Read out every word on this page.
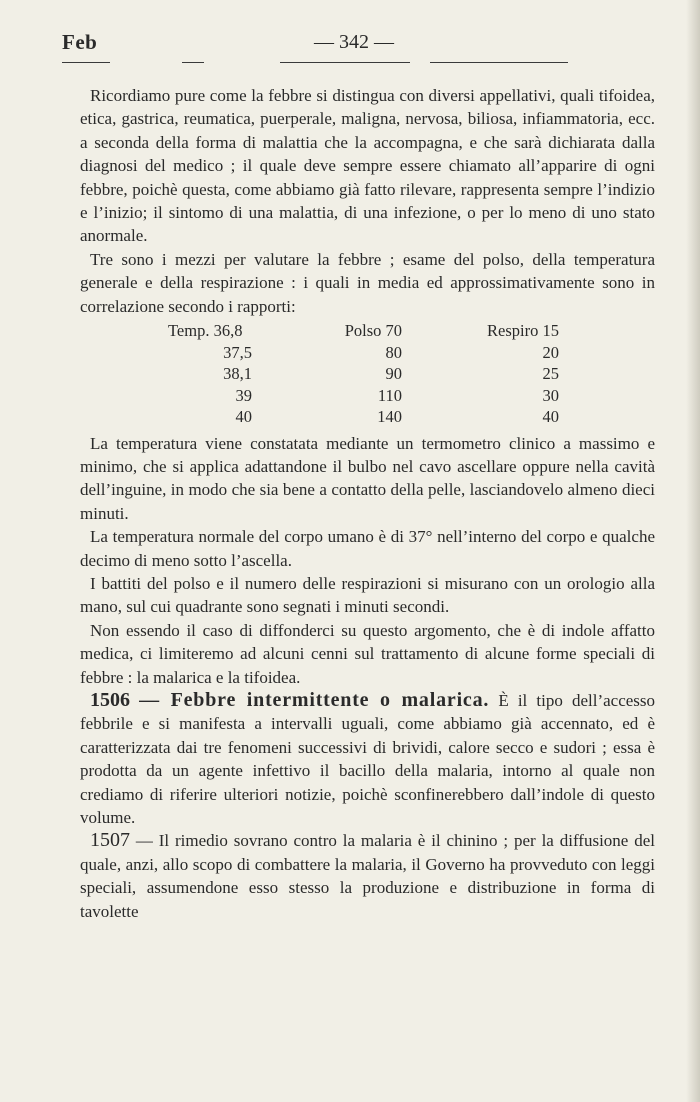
Feb	— 342 —

Ricordiamo pure come la febbre si distingua con diversi appellativi, quali tifoidea, etica, gastrica, reumatica, puerperale, maligna, nervosa, biliosa, infiammatoria, ecc. a seconda della forma di malattia che la accompagna, e che sarà dichiarata dalla diagnosi del medico ; il quale deve sempre essere chiamato all’apparire di ogni febbre, poichè questa, come abbiamo già fatto rilevare, rappresenta sempre l’indizio e l’inizio; il sintomo di una malattia, di una infezione, o per lo meno di uno stato anormale.

Tre sono i mezzi per valutare la febbre ; esame del polso, della temperatura generale e della respirazione : i quali in media ed approssimativamente sono in correlazione secondo i rapporti:

Temp. 36,8	Polso 70	Respiro 15
37,5	80	20
38,1	90	25
39	110	30
40	140	40

La temperatura viene constatata mediante un termometro clinico a massimo e minimo, che si applica adattandone il bulbo nel cavo ascellare oppure nella cavità dell’inguine, in modo che sia bene a contatto della pelle, lasciandovelo almeno dieci minuti.

La temperatura normale del corpo umano è di 37° nell’interno del corpo e qualche decimo di meno sotto l’ascella.

I battiti del polso e il numero delle respirazioni si misurano con un orologio alla mano, sul cui quadrante sono segnati i minuti secondi.

Non essendo il caso di diffonderci su questo argomento, che è di indole affatto medica, ci limiteremo ad alcuni cenni sul trattamento di alcune forme speciali di febbre : la malarica e la tifoidea.

1506 — Febbre intermittente o malarica. È il tipo dell’accesso febbrile e si manifesta a intervalli uguali, come abbiamo già accennato, ed è caratterizzata dai tre fenomeni successivi di brividi, calore secco e sudori ; essa è prodotta da un agente infettivo il bacillo della malaria, intorno al quale non crediamo di riferire ulteriori notizie, poichè sconfinerebbero dall’indole di questo volume.

1507 — Il rimedio sovrano contro la malaria è il chinino ; per la diffusione del quale, anzi, allo scopo di combattere la malaria, il Governo ha provveduto con leggi speciali, assumendone esso stesso la produzione e distribuzione in forma di tavolette
